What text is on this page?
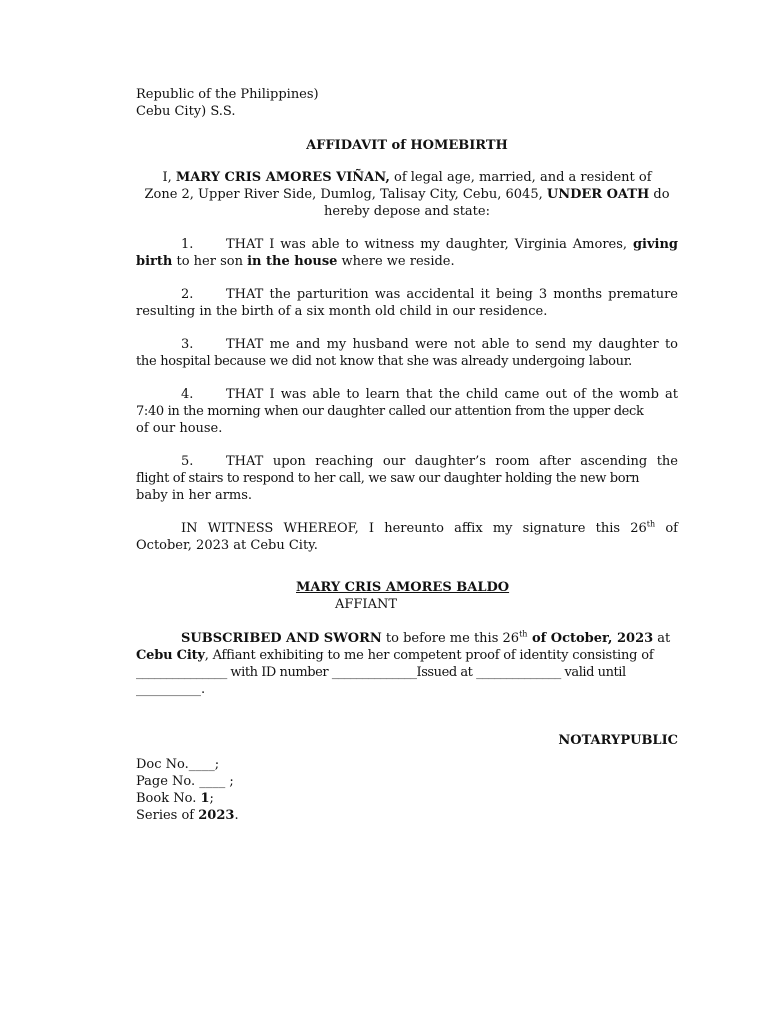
Republic of the Philippines)
Cebu City) S.S.
AFFIDAVIT of HOMEBIRTH
I, MARY CRIS AMORES VIÑAN, of legal age, married, and a resident of
Zone 2, Upper River Side, Dumlog, Talisay City, Cebu, 6045, UNDER OATH do
hereby depose and state:
1.	THAT I was able to witness my daughter, Virginia Amores, giving
birth to her son in the house where we reside.
2.	THAT the parturition was accidental it being 3 months premature
resulting in the birth of a six month old child in our residence.
3.	THAT me and my husband were not able to send my daughter to
the hospital because we did not know that she was already undergoing labour.
4.	THAT I was able to learn that the child came out of the womb at
7:40 in the morning when our daughter called our attention from the upper deck
of our house.
5.	THAT upon reaching our daughter’s room after ascending the
flight of stairs to respond to her call, we saw our daughter holding the new born
baby in her arms.
IN WITNESS WHEREOF, I hereunto affix my signature this 26th of
October, 2023 at Cebu City.
MARY CRIS AMORES BALDO
AFFIANT
SUBSCRIBED AND SWORN to before me this 26th of October, 2023 at
Cebu City, Affiant exhibiting to me her competent proof of identity consisting of
_______________ with ID number ______________Issued at ______________ valid until
__________.
NOTARYPUBLIC
Doc No.____;
Page No. ____ ;
Book No. 1;
Series of 2023.
